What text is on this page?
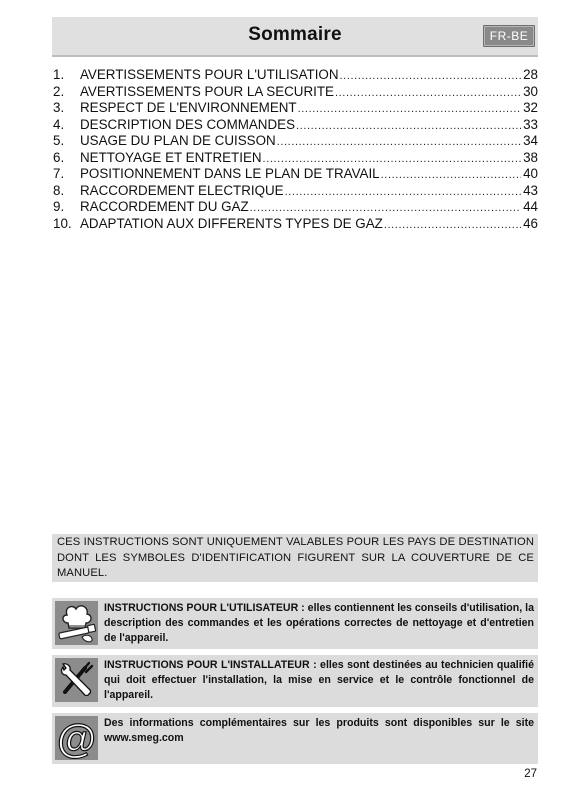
Sommaire	FR-BE
1.	AVERTISSEMENTS POUR L'UTILISATION .....	28
2.	AVERTISSEMENTS POUR LA SECURITE .....	30
3.	RESPECT DE L'ENVIRONNEMENT .....	32
4.	DESCRIPTION DES COMMANDES .....	33
5.	USAGE DU PLAN DE CUISSON .....	34
6.	NETTOYAGE ET ENTRETIEN .....	38
7.	POSITIONNEMENT DANS LE PLAN DE TRAVAIL .....	40
8.	RACCORDEMENT ELECTRIQUE .....	43
9.	RACCORDEMENT DU GAZ .....	44
10. ADAPTATION AUX DIFFERENTS TYPES DE GAZ .....	46
CES INSTRUCTIONS SONT UNIQUEMENT VALABLES POUR LES PAYS DE DESTINATION DONT LES SYMBOLES D'IDENTIFICATION FIGURENT SUR LA COUVERTURE DE CE MANUEL.
INSTRUCTIONS POUR L'UTILISATEUR : elles contiennent les conseils d'utilisation, la description des commandes et les opérations correctes de nettoyage et d'entretien de l'appareil.
INSTRUCTIONS POUR L'INSTALLATEUR : elles sont destinées au technicien qualifié qui doit effectuer l'installation, la mise en service et le contrôle fonctionnel de l'appareil.
@ Des informations complémentaires sur les produits sont disponibles sur le site www.smeg.com
27
